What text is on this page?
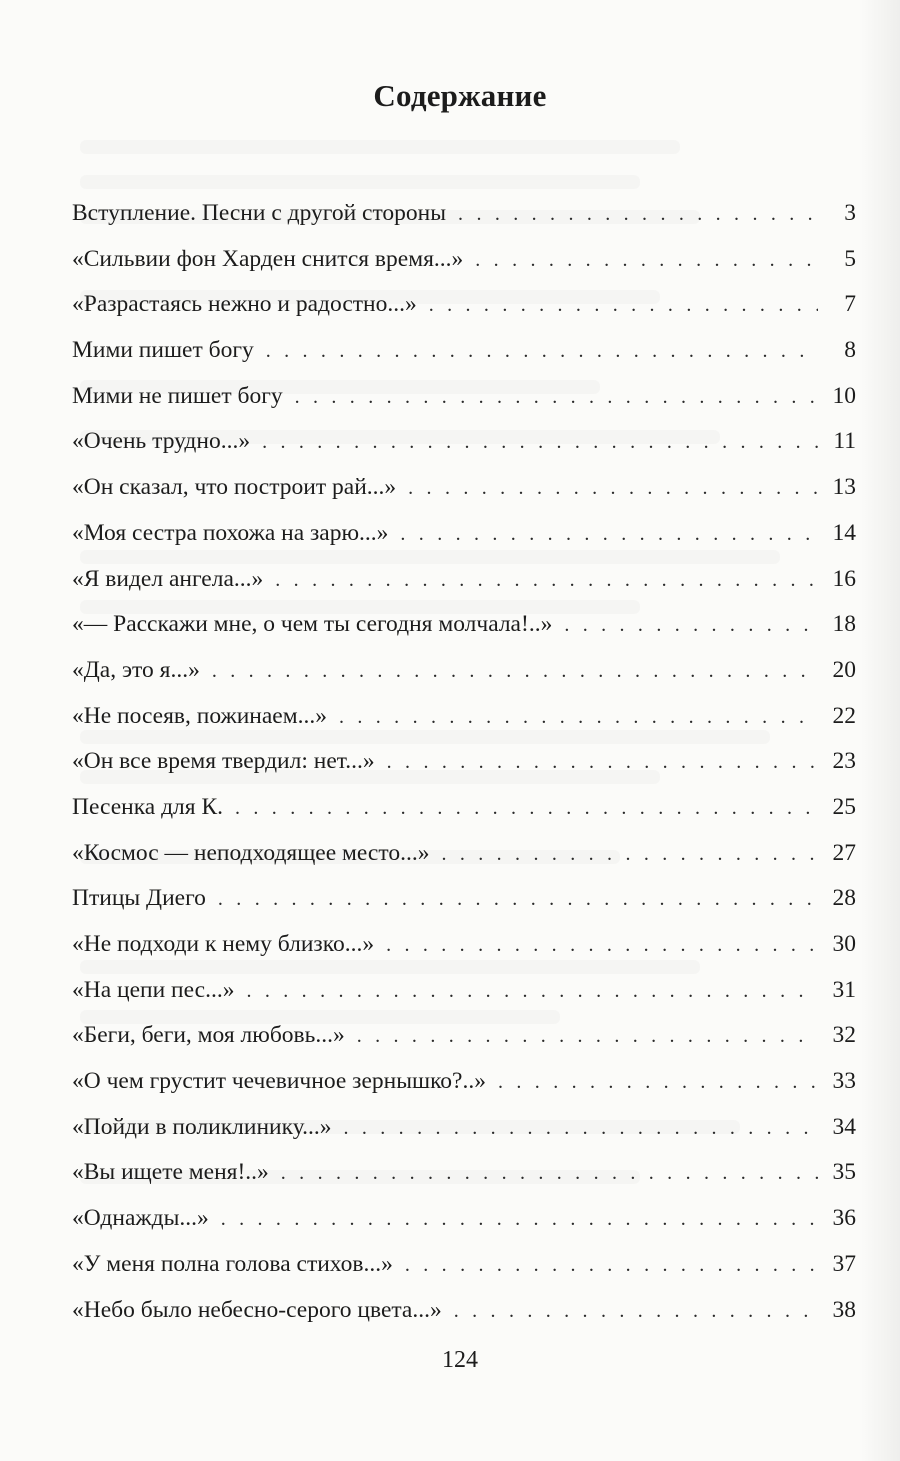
Содержание
Вступление. Песни с другой стороны . . .	3
«Сильвии фон Харден снится время...» . . .	5
«Разрастаясь нежно и радостно...» . . .	7
Мими пишет богу . . .	8
Мими не пишет богу . . .	10
«Очень трудно...» . . .	11
«Он сказал, что построит рай...» . . .	13
«Моя сестра похожа на зарю...» . . .	14
«Я видел ангела...» . . .	16
«— Расскажи мне, о чем ты сегодня молчала!..» . . .	18
«Да, это я...» . . .	20
«Не посеяв, пожинаем...» . . .	22
«Он все время твердил: нет...» . . .	23
Песенка для К. . . .	25
«Космос — неподходящее место...» . . .	27
Птицы Диего . . .	28
«Не подходи к нему близко...» . . .	30
«На цепи пес...» . . .	31
«Беги, беги, моя любовь...» . . .	32
«О чем грустит чечевичное зернышко?..» . . .	33
«Пойди в поликлинику...» . . .	34
«Вы ищете меня!..» . . .	35
«Однажды...» . . .	36
«У меня полна голова стихов...» . . .	37
«Небо было небесно-серого цвета...» . . .	38
124
